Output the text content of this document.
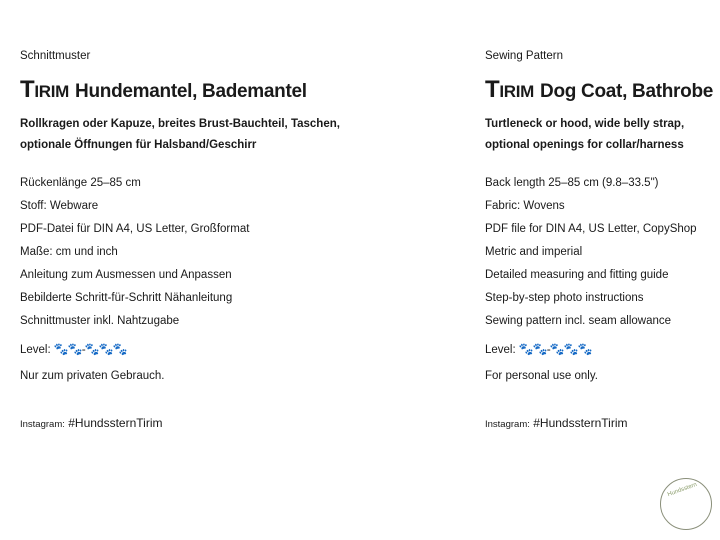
Schnittmuster
Tirim Hundemantel, Bademantel
Rollkragen oder Kapuze, breites Brust-Bauchteil, Taschen,
optionale Öffnungen für Halsband/Geschirr
Rückenlänge 25–85 cm
Stoff: Webware
PDF-Datei für DIN A4, US Letter, Großformat
Maße: cm und inch
Anleitung zum Ausmessen und Anpassen
Bebilderte Schritt-für-Schritt Nähanleitung
Schnittmuster inkl. Nahtzugabe
Level: 🐾🐾-🐾🐾🐾
Nur zum privaten Gebrauch.
Instagram: #HundssternTirim
Sewing Pattern
Tirim Dog Coat, Bathrobe
Turtleneck or hood, wide belly strap,
optional openings for collar/harness
Back length 25–85 cm (9.8–33.5")
Fabric: Wovens
PDF file for DIN A4, US Letter, CopyShop
Metric and imperial
Detailed measuring and fitting guide
Step-by-step photo instructions
Sewing pattern incl. seam allowance
Level: 🐾🐾-🐾🐾🐾
For personal use only.
Instagram: #HundssternTirim
Hundsstern
